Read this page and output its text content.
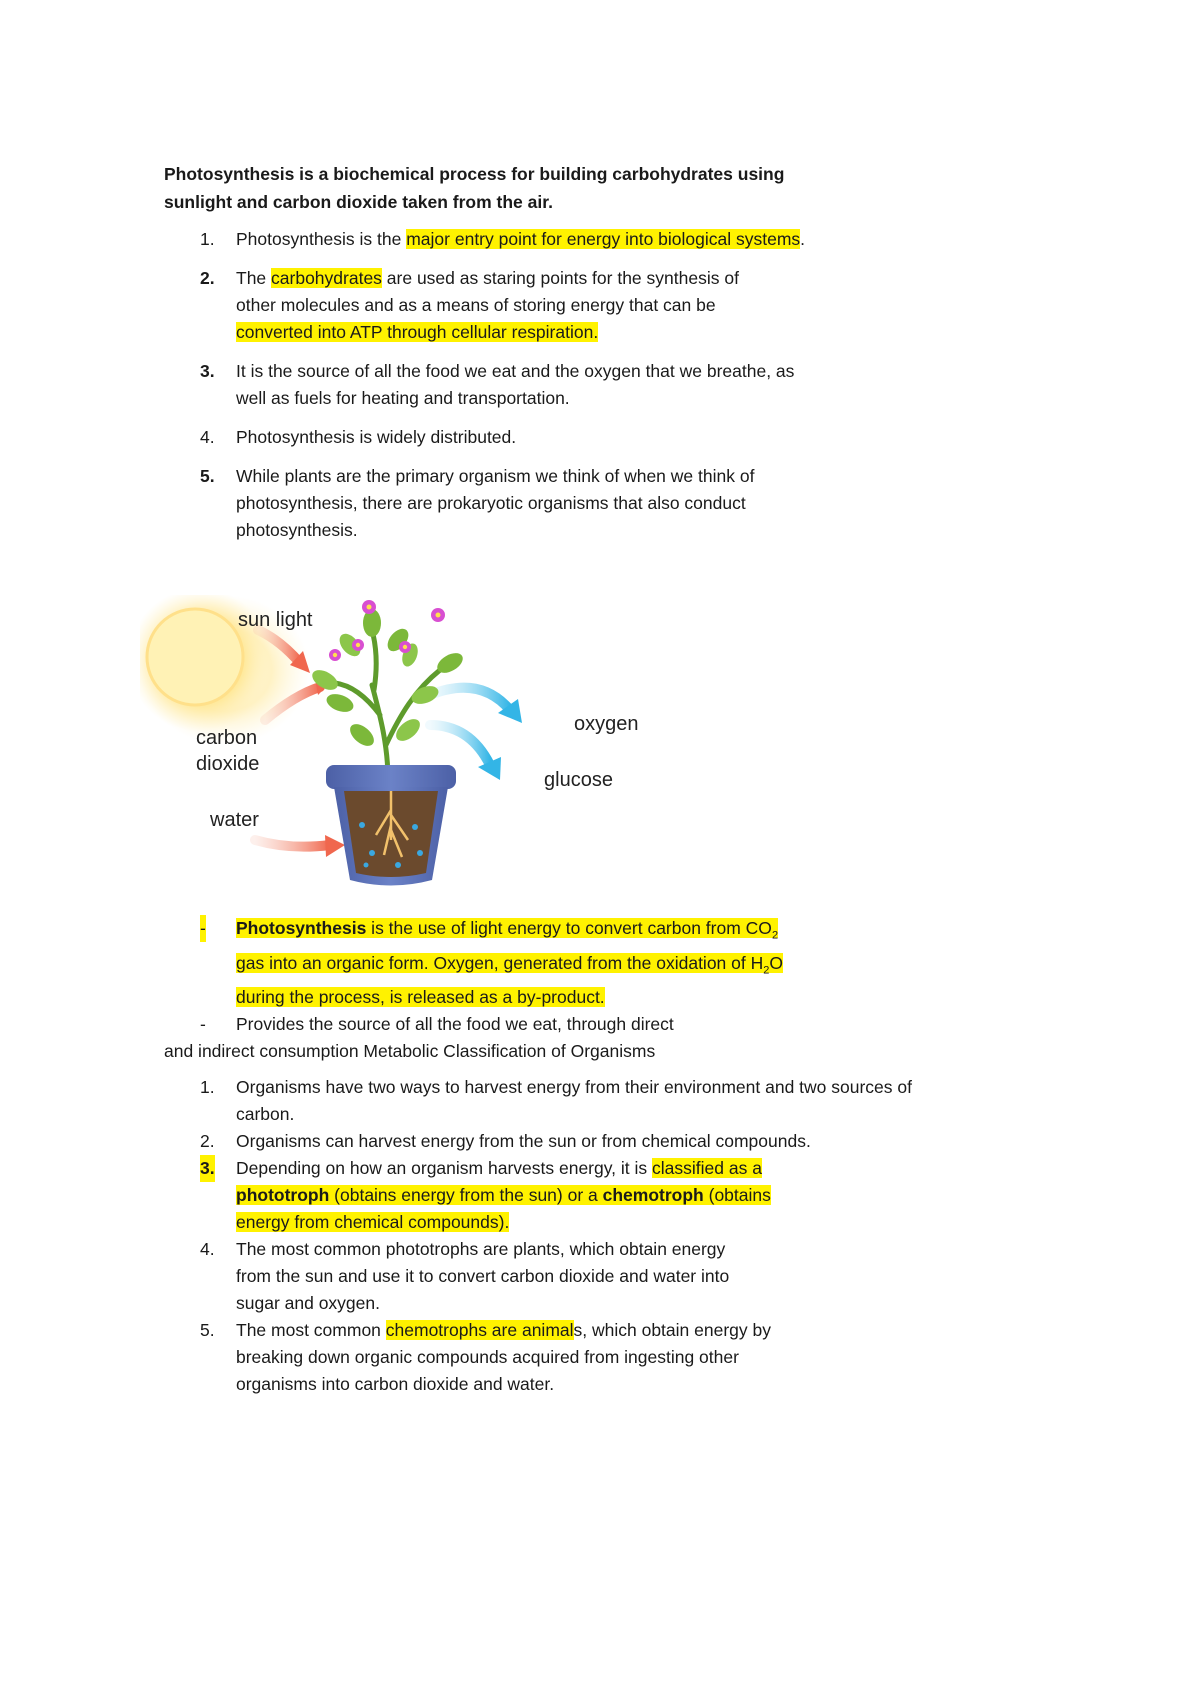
Photosynthesis is a biochemical process for building carbohydrates using
sunlight and carbon dioxide taken from the air.

1. Photosynthesis is the major entry point for energy into biological systems.
2. The carbohydrates are used as staring points for the synthesis of
other molecules and as a means of storing energy that can be
converted into ATP through cellular respiration.
3. It is the source of all the food we eat and the oxygen that we breathe, as
well as fuels for heating and transportation.
4. Photosynthesis is widely distributed.
5. While plants are the primary organism we think of when we think of
photosynthesis, there are prokaryotic organisms that also conduct
photosynthesis.
sun light
carbon
dioxide
water
oxygen
glucose
- Photosynthesis is the use of light energy to convert carbon from $CO_2$
gas into an organic form. Oxygen, generated from the oxidation of $H_2O$
during the process, is released as a by-product.
- Provides the source of all the food we eat, through direct

and indirect consumption Metabolic Classification of Organisms

1. Organisms have two ways to harvest energy from their environment and two sources of
carbon.
2. Organisms can harvest energy from the sun or from chemical compounds.
3. Depending on how an organism harvests energy, it is classified as a
phototroph (obtains energy from the sun) or a chemotroph (obtains
energy from chemical compounds).
4. The most common phototrophs are plants, which obtain energy
from the sun and use it to convert carbon dioxide and water into
sugar and oxygen.
5. The most common chemotrophs are animals, which obtain energy by
breaking down organic compounds acquired from ingesting other
organisms into carbon dioxide and water.
